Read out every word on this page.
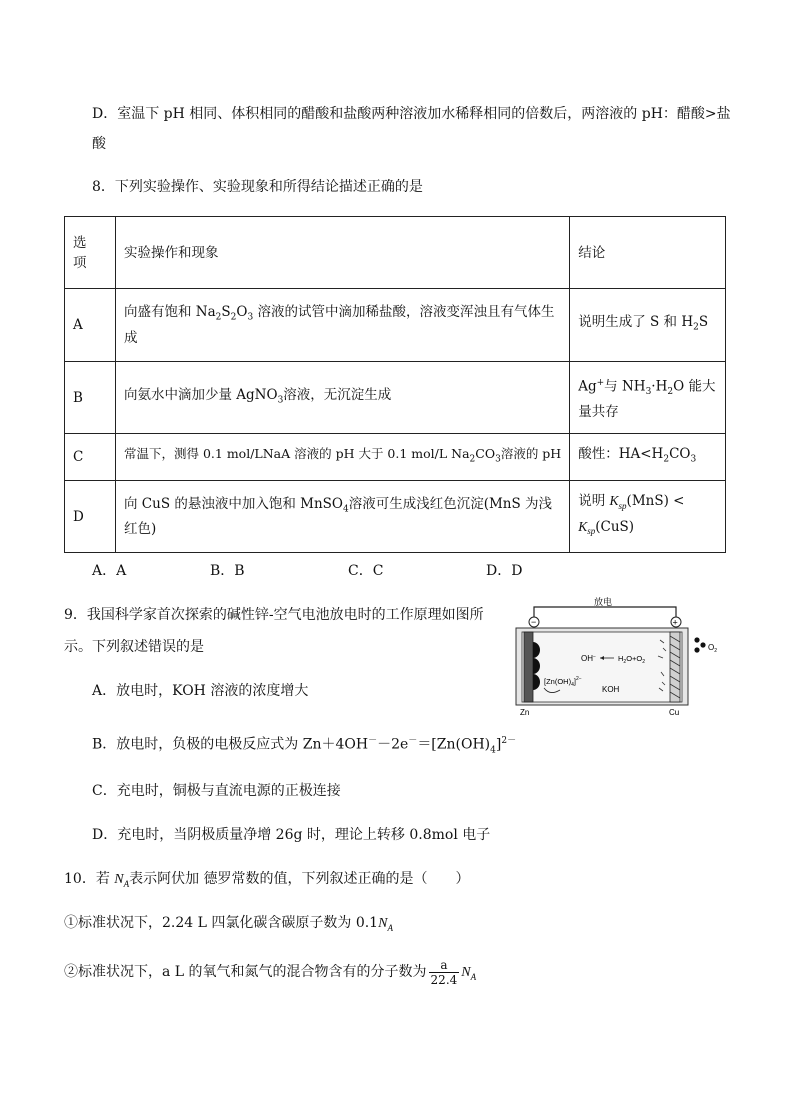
D．室温下 pH 相同、体积相同的醋酸和盐酸两种溶液加水稀释相同的倍数后，两溶液的 pH：醋酸>盐
酸
8．下列实验操作、实验现象和所得结论描述正确的是
选项	实验操作和现象	结论
A	向盛有饱和 $Na_2S_2O_3$ 溶液的试管中滴加稀盐酸，溶液变浑浊且有气体生成	说明生成了 S 和 $H_2S$
B	向氨水中滴加少量 AgNO$_3$溶液，无沉淀生成	Ag+与 $NH_3\cdot H_2O$ 能大量共存
C	常温下，测得 0.1 mol/LNaA 溶液的 pH 大于 0.1 mol/L $Na_2CO_3$溶液的 pH	酸性：$HA<H_2CO_3$
D	向 CuS 的悬浊液中加入饱和 MnSO$_4$溶液可生成浅红色沉淀(MnS 为浅红色)	说明 $K_{sp}(MnS) < K_{sp}(CuS)$
A．A	B．B	C．C	D．D
9．我国科学家首次探索的碱性锌-空气电池放电时的工作原理如图所
示。下列叙述错误的是
A．放电时，KOH 溶液的浓度增大
B．放电时，负极的电极反应式为 $Zn+4OH^--2e^-=[Zn(OH)_4]^{2-}$
C．充电时，铜极与直流电源的正极连接
D．充电时，当阴极质量净增 26g 时，理论上转移 0.8mol 电子
放电
−	+
$O_2$
OH−	$H_2O+O_2$
$[Zn(OH)_4]^{2-}$
KOH
Zn	Cu
10．若 $N_A$表示阿伏加 德罗常数的值，下列叙述正确的是（　　）
①标准状况下，2.24 L 四氯化碳含碳原子数为 $0.1N_A$
②标准状况下，a L 的氧气和氮气的混合物含有的分子数为 $\frac{a}{22.4} N_A$
